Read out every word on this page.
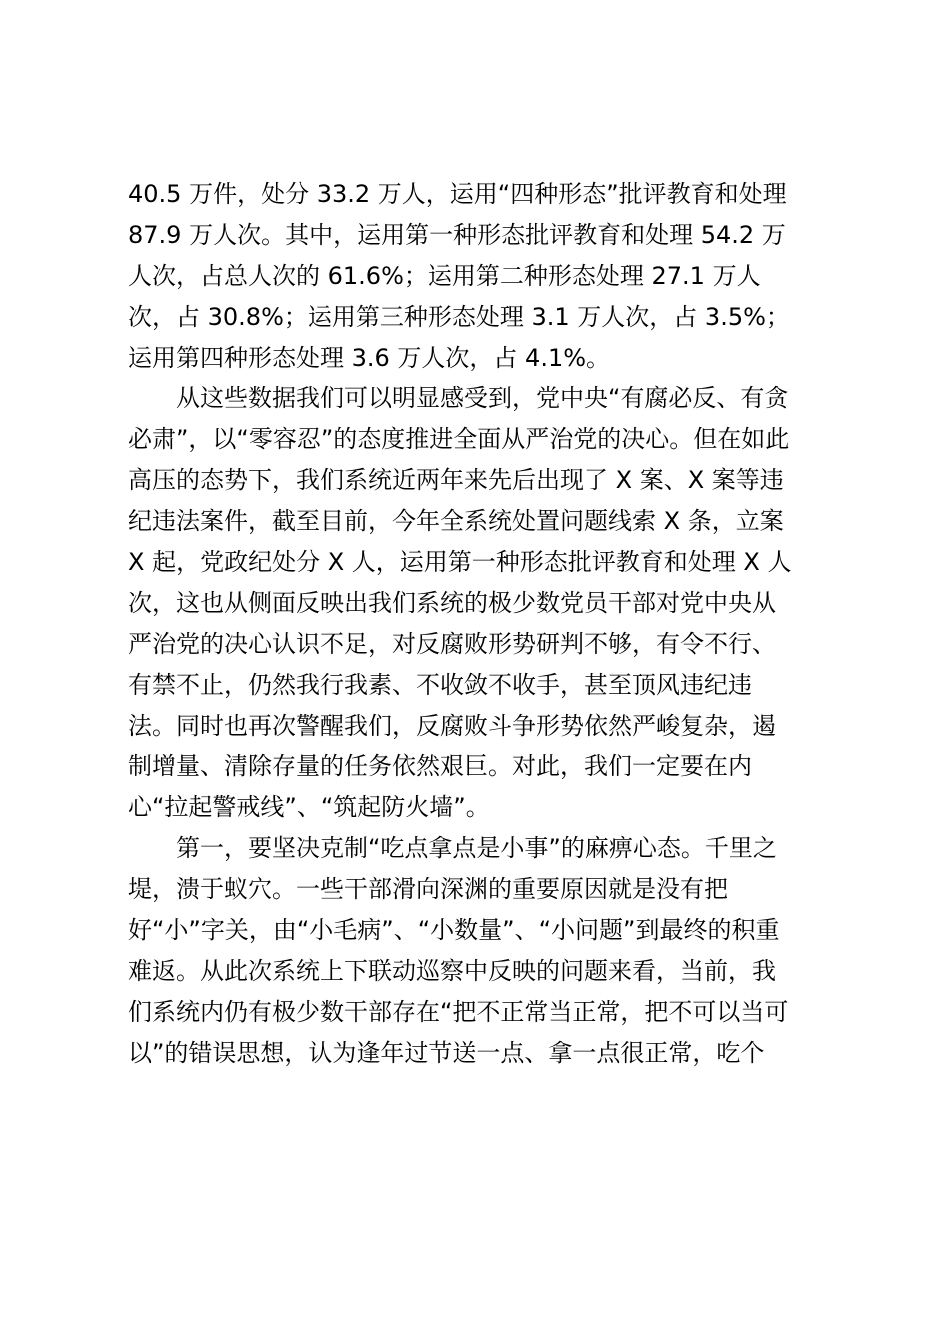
40.5 万件，处分 33.2 万人，运用“四种形态”批评教育和处理
87.9 万人次。其中，运用第一种形态批评教育和处理 54.2 万
人次，占总人次的 61.6%；运用第二种形态处理 27.1 万人
次，占 30.8%；运用第三种形态处理 3.1 万人次，占 3.5%；
运用第四种形态处理 3.6 万人次，占 4.1%。
　　从这些数据我们可以明显感受到，党中央“有腐必反、有贪
必肃”，以“零容忍”的态度推进全面从严治党的决心。但在如此
高压的态势下，我们系统近两年来先后出现了 X 案、X 案等违
纪违法案件，截至目前，今年全系统处置问题线索 X 条，立案
X 起，党政纪处分 X 人，运用第一种形态批评教育和处理 X 人
次，这也从侧面反映出我们系统的极少数党员干部对党中央从
严治党的决心认识不足，对反腐败形势研判不够，有令不行、
有禁不止，仍然我行我素、不收敛不收手，甚至顶风违纪违
法。同时也再次警醒我们，反腐败斗争形势依然严峻复杂，遏
制增量、清除存量的任务依然艰巨。对此，我们一定要在内
心“拉起警戒线”、“筑起防火墙”。
　　第一，要坚决克制“吃点拿点是小事”的麻痹心态。千里之
堤，溃于蚁穴。一些干部滑向深渊的重要原因就是没有把
好“小”字关，由“小毛病”、“小数量”、“小问题”到最终的积重
难返。从此次系统上下联动巡察中反映的问题来看，当前，我
们系统内仍有极少数干部存在“把不正常当正常，把不可以当可
以”的错误思想，认为逢年过节送一点、拿一点很正常，吃个
